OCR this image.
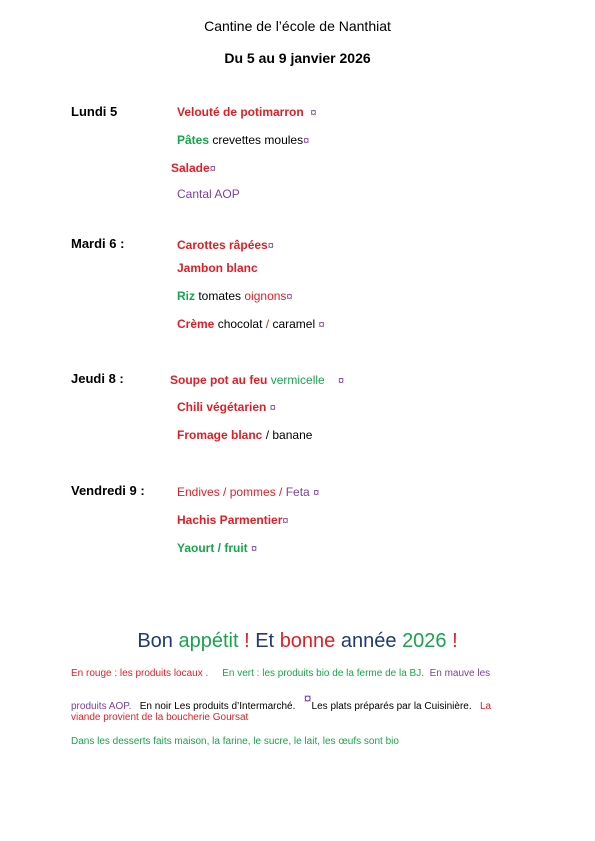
Cantine de l’école de Nanthiat
Du 5 au 9 janvier 2026
Lundi 5	Velouté de potimarron ¤
Pâtes crevettes moules¤
Salade¤
Cantal AOP
Mardi 6 :	Carottes râpées¤
Jambon blanc
Riz tomates oignons¤
Crème chocolat / caramel ¤
Jeudi 8 :	Soupe pot au feu vermicelle ¤
Chili végétarien ¤
Fromage blanc / banane
Vendredi 9 :	Endives / pommes / Feta ¤
Hachis Parmentier¤
Yaourt / fruit ¤
Bon appétit ! Et bonne année 2026 !
En rouge : les produits locaux . En vert : les produits bio de la ferme de la BJ. En mauve les
produits AOP. En noir Les produits d’Intermarché.   ¤Les plats préparés par la Cuisinière. La
viande provient de la boucherie Goursat
Dans les desserts faits maison, la farine, le sucre, le lait, les œufs sont bio
